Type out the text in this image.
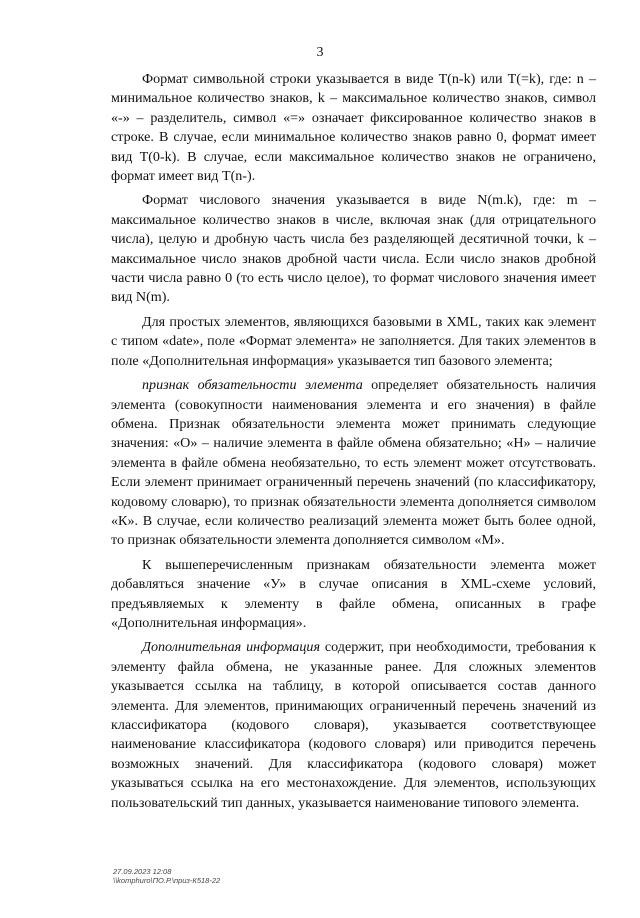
3

Формат символьной строки указывается в виде T(n-k) или T(=k), где: n – минимальное количество знаков, k – максимальное количество знаков, символ «-» – разделитель, символ «=» означает фиксированное количество знаков в строке. В случае, если минимальное количество знаков равно 0, формат имеет вид T(0-k). В случае, если максимальное количество знаков не ограничено, формат имеет вид T(n-).

Формат числового значения указывается в виде N(m.k), где: m – максимальное количество знаков в числе, включая знак (для отрицательного числа), целую и дробную часть числа без разделяющей десятичной точки, k – максимальное число знаков дробной части числа. Если число знаков дробной части числа равно 0 (то есть число целое), то формат числового значения имеет вид N(m).

Для простых элементов, являющихся базовыми в XML, таких как элемент с типом «date», поле «Формат элемента» не заполняется. Для таких элементов в поле «Дополнительная информация» указывается тип базового элемента;

признак обязательности элемента определяет обязательность наличия элемента (совокупности наименования элемента и его значения) в файле обмена. Признак обязательности элемента может принимать следующие значения: «О» – наличие элемента в файле обмена обязательно; «Н» – наличие элемента в файле обмена необязательно, то есть элемент может отсутствовать. Если элемент принимает ограниченный перечень значений (по классификатору, кодовому словарю), то признак обязательности элемента дополняется символом «К». В случае, если количество реализаций элемента может быть более одной, то признак обязательности элемента дополняется символом «М».

К вышеперечисленным признакам обязательности элемента может добавляться значение «У» в случае описания в XML-схеме условий, предъявляемых к элементу в файле обмена, описанных в графе «Дополнительная информация».

Дополнительная информация содержит, при необходимости, требования к элементу файла обмена, не указанные ранее. Для сложных элементов указывается ссылка на таблицу, в которой описывается состав данного элемента. Для элементов, принимающих ограниченный перечень значений из классификатора (кодового словаря), указывается соответствующее наименование классификатора (кодового словаря) или приводится перечень возможных значений. Для классификатора (кодового словаря) может указываться ссылка на его местонахождение. Для элементов, использующих пользовательский тип данных, указывается наименование типового элемента.

27.09.2023 12:08
\\komphuro\ПО.Р.\приз-К518-22
